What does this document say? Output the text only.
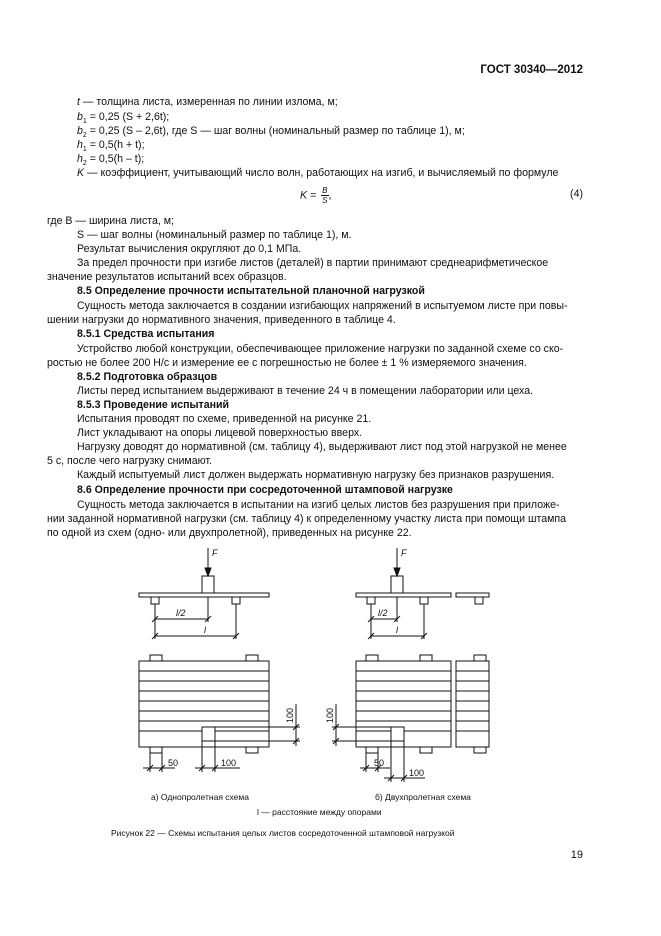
ГОСТ 30340—2012
t — толщина листа, измеренная по линии излома, м;
$b_1 = 0,25$ (S + 2,6t);
$b_2 = 0,25$ (S – 2,6t), где S — шаг волны (номинальный размер по таблице 1), м;
$h_1 = 0,5(h + t)$;
$h_2 = 0,5(h - t)$;
K — коэффициент, учитывающий число волн, работающих на изгиб, и вычисляемый по формуле
$K = \frac{B}{S}$ ,	(4)
где B — ширина листа, м;
S — шаг волны (номинальный размер по таблице 1), м.
Результат вычисления округляют до 0,1 МПа.
За предел прочности при изгибе листов (деталей) в партии принимают среднеарифметическое
значение результатов испытаний всех образцов.
8.5 Определение прочности испытательной планочной нагрузкой
Сущность метода заключается в создании изгибающих напряжений в испытуемом листе при повы-
шении нагрузки до нормативного значения, приведенного в таблице 4.
8.5.1 Средства испытания
Устройство любой конструкции, обеспечивающее приложение нагрузки по заданной схеме со ско-
ростью не более 200 Н/с и измерение ее с погрешностью не более ± 1 % измеряемого значения.
8.5.2 Подготовка образцов
Листы перед испытанием выдерживают в течение 24 ч в помещении лаборатории или цеха.
8.5.3 Проведение испытаний
Испытания проводят по схеме, приведенной на рисунке 21.
Лист укладывают на опоры лицевой поверхностью вверх.
Нагрузку доводят до нормативной (см. таблицу 4), выдерживают лист под этой нагрузкой не менее
5 с, после чего нагрузку снимают.
Каждый испытуемый лист должен выдержать нормативную нагрузку без признаков разрушения.
8.6 Определение прочности при сосредоточенной штамповой нагрузке
Сущность метода заключается в испытании на изгиб целых листов без разрушения при приложе-
нии заданной нормативной нагрузки (см. таблицу 4) к определенному участку листа при помощи штампа
по одной из схем (одно- или двухпролетной), приведенных на рисунке 22.
F	F
l/2	l/2
l	l
100	100
50	100	50
100
а) Однопролетная схема	б) Двухпролетная схема
l — расстояние между опорами
Рисунок 22 — Схемы испытания целых листов сосредоточенной штамповой нагрузкой
19
